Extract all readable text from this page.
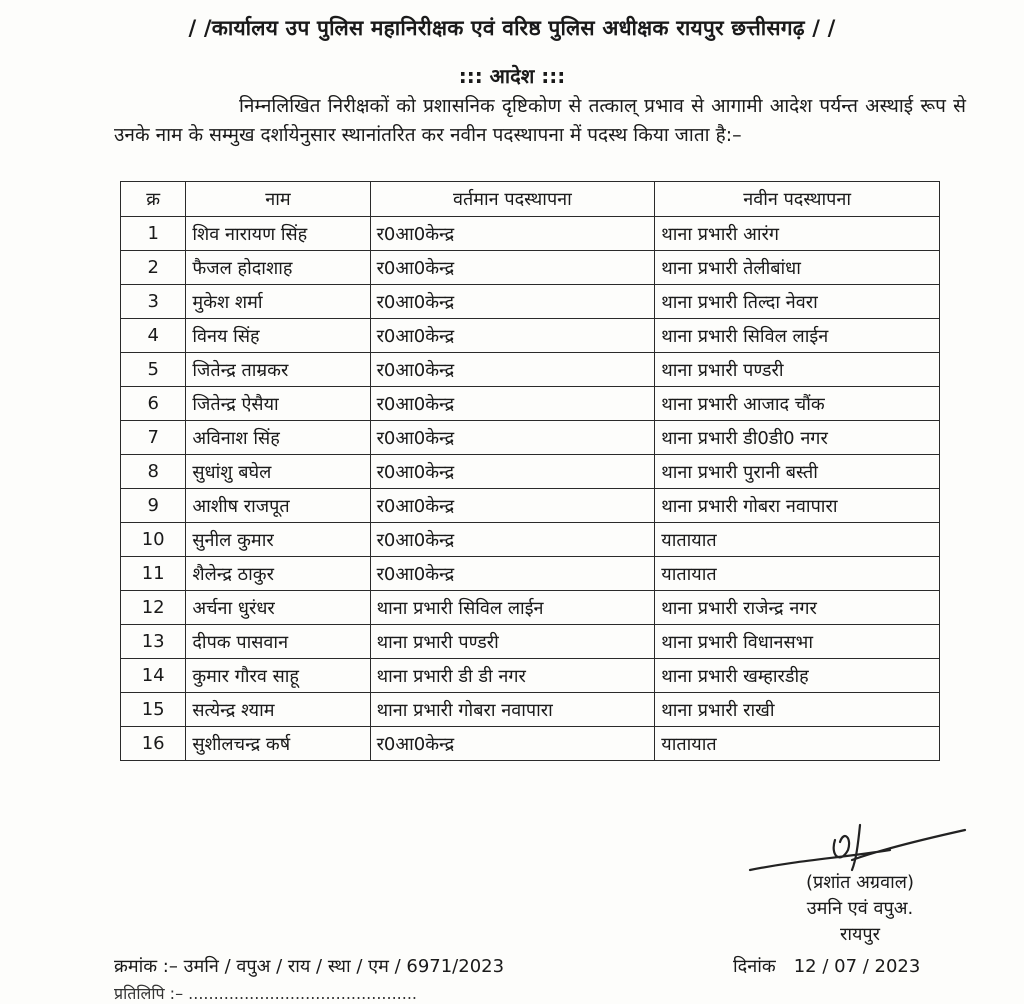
/ /कार्यालय उप पुलिस महानिरीक्षक एवं वरिष्ठ पुलिस अधीक्षक रायपुर छत्तीसगढ़ / /
::: आदेश :::
निम्नलिखित निरीक्षकों को प्रशासनिक दृष्टिकोण से तत्काल् प्रभाव से आगामी आदेश पर्यन्त अस्थाई रूप से उनके नाम के सम्मुख दर्शायेनुसार स्थानांतरित कर नवीन पदस्थापना में पदस्थ किया जाता है:–
क्र	नाम	वर्तमान पदस्थापना	नवीन पदस्थापना
1	शिव नारायण सिंह	र0आ0केन्द्र	थाना प्रभारी आरंग
2	फैजल होदाशाह	र0आ0केन्द्र	थाना प्रभारी तेलीबांधा
3	मुकेश शर्मा	र0आ0केन्द्र	थाना प्रभारी तिल्दा नेवरा
4	विनय सिंह	र0आ0केन्द्र	थाना प्रभारी सिविल लाईन
5	जितेन्द्र ताम्रकर	र0आ0केन्द्र	थाना प्रभारी पण्डरी
6	जितेन्द्र ऐसैया	र0आ0केन्द्र	थाना प्रभारी आजाद चौंक
7	अविनाश सिंह	र0आ0केन्द्र	थाना प्रभारी डी0डी0 नगर
8	सुधांशु बघेल	र0आ0केन्द्र	थाना प्रभारी पुरानी बस्ती
9	आशीष राजपूत	र0आ0केन्द्र	थाना प्रभारी गोबरा नवापारा
10	सुनील कुमार	र0आ0केन्द्र	यातायात
11	शैलेन्द्र ठाकुर	र0आ0केन्द्र	यातायात
12	अर्चना धुरंधर	थाना प्रभारी सिविल लाईन	थाना प्रभारी राजेन्द्र नगर
13	दीपक पासवान	थाना प्रभारी पण्डरी	थाना प्रभारी विधानसभा
14	कुमार गौरव साहू	थाना प्रभारी डी डी नगर	थाना प्रभारी खम्हारडीह
15	सत्येन्द्र श्याम	थाना प्रभारी गोबरा नवापारा	थाना प्रभारी राखी
16	सुशीलचन्द्र कर्ष	र0आ0केन्द्र	यातायात
(प्रशांत अग्रवाल)
उमनि एवं वपुअ.
रायपुर
क्रमांक :– उमनि / वपुअ / राय / स्था / एम / 6971/2023	दिनांक 12 / 07 / 2023
प्रतिलिपि :– .............................................
